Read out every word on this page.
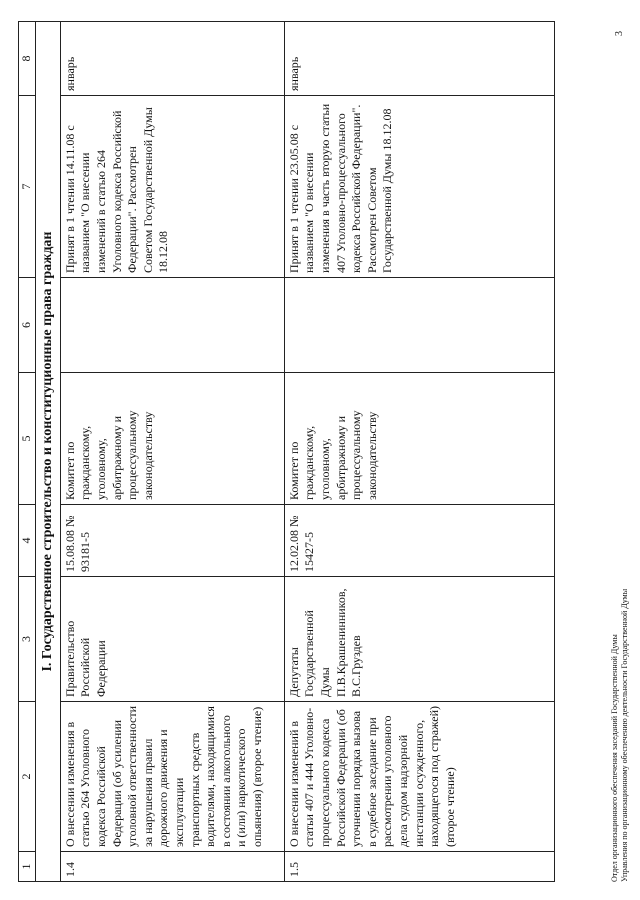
1	2	3	4	5	6	7	8
I. Государственное строительство и конституционные права граждан							
1.4	О внесении изменения в статью 264 Уголовного кодекса Российской Федерации (об усилении уголовной ответственности за нарушения правил дорожного движения и эксплуатации транспортных средств водителями, находящимися в состоянии алкогольного и (или) наркотического опьянения) (второе чтение)	Правительство Российской Федерации	15.08.08 № 93181-5	Комитет по гражданскому, уголовному, арбитражному и процессуальному законодательству		Принят в 1 чтении 14.11.08 с названием "О внесении изменений в статью 264 Уголовного кодекса Российской Федерации". Рассмотрен Советом Государственной Думы 18.12.08	январь
1.5	О внесении изменений в статьи 407 и 444 Уголовно-процессуального кодекса Российской Федерации (об уточнении порядка вызова в судебное заседание при рассмотрении уголовного дела судом надзорной инстанции осужденного, находящегося под стражей) (второе чтение)	Депутаты Государственной Думы П.В.Крашенинников, В.С.Груздев	12.02.08 № 15427-5	Комитет по гражданскому, уголовному, арбитражному и процессуальному законодательству		Принят в 1 чтении 23.05.08 с названием "О внесении изменения в часть вторую статьи 407 Уголовно-процессуального кодекса Российской Федерации". Рассмотрен Советом Государственной Думы 18.12.08	январь
Отдел организационного обеспечения заседаний Государственной Думы Управления по организационному обеспечению деятельности Государственной Думы
3
